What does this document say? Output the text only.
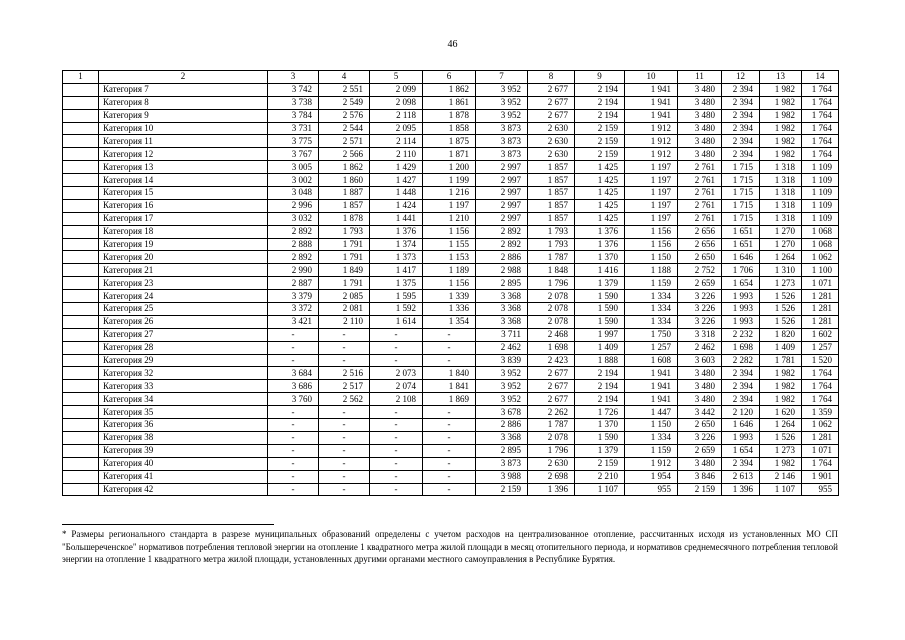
46
1	2	3	4	5	6	7	8	9	10	11	12	13	14
	Категория 7	3 742	2 551	2 099	1 862	3 952	2 677	2 194	1 941	3 480	2 394	1 982	1 764
	Категория 8	3 738	2 549	2 098	1 861	3 952	2 677	2 194	1 941	3 480	2 394	1 982	1 764
	Категория 9	3 784	2 576	2 118	1 878	3 952	2 677	2 194	1 941	3 480	2 394	1 982	1 764
	Категория 10	3 731	2 544	2 095	1 858	3 873	2 630	2 159	1 912	3 480	2 394	1 982	1 764
	Категория 11	3 775	2 571	2 114	1 875	3 873	2 630	2 159	1 912	3 480	2 394	1 982	1 764
	Категория 12	3 767	2 566	2 110	1 871	3 873	2 630	2 159	1 912	3 480	2 394	1 982	1 764
	Категория 13	3 005	1 862	1 429	1 200	2 997	1 857	1 425	1 197	2 761	1 715	1 318	1 109
	Категория 14	3 002	1 860	1 427	1 199	2 997	1 857	1 425	1 197	2 761	1 715	1 318	1 109
	Категория 15	3 048	1 887	1 448	1 216	2 997	1 857	1 425	1 197	2 761	1 715	1 318	1 109
	Категория 16	2 996	1 857	1 424	1 197	2 997	1 857	1 425	1 197	2 761	1 715	1 318	1 109
	Категория 17	3 032	1 878	1 441	1 210	2 997	1 857	1 425	1 197	2 761	1 715	1 318	1 109
	Категория 18	2 892	1 793	1 376	1 156	2 892	1 793	1 376	1 156	2 656	1 651	1 270	1 068
	Категория 19	2 888	1 791	1 374	1 155	2 892	1 793	1 376	1 156	2 656	1 651	1 270	1 068
	Категория 20	2 892	1 791	1 373	1 153	2 886	1 787	1 370	1 150	2 650	1 646	1 264	1 062
	Категория 21	2 990	1 849	1 417	1 189	2 988	1 848	1 416	1 188	2 752	1 706	1 310	1 100
	Категория 23	2 887	1 791	1 375	1 156	2 895	1 796	1 379	1 159	2 659	1 654	1 273	1 071
	Категория 24	3 379	2 085	1 595	1 339	3 368	2 078	1 590	1 334	3 226	1 993	1 526	1 281
	Категория 25	3 372	2 081	1 592	1 336	3 368	2 078	1 590	1 334	3 226	1 993	1 526	1 281
	Категория 26	3 421	2 110	1 614	1 354	3 368	2 078	1 590	1 334	3 226	1 993	1 526	1 281
	Категория 27	-	-	-	-	3 711	2 468	1 997	1 750	3 318	2 232	1 820	1 602
	Категория 28	-	-	-	-	2 462	1 698	1 409	1 257	2 462	1 698	1 409	1 257
	Категория 29	-	-	-	-	3 839	2 423	1 888	1 608	3 603	2 282	1 781	1 520
	Категория 32	3 684	2 516	2 073	1 840	3 952	2 677	2 194	1 941	3 480	2 394	1 982	1 764
	Категория 33	3 686	2 517	2 074	1 841	3 952	2 677	2 194	1 941	3 480	2 394	1 982	1 764
	Категория 34	3 760	2 562	2 108	1 869	3 952	2 677	2 194	1 941	3 480	2 394	1 982	1 764
	Категория 35	-	-	-	-	3 678	2 262	1 726	1 447	3 442	2 120	1 620	1 359
	Категория 36	-	-	-	-	2 886	1 787	1 370	1 150	2 650	1 646	1 264	1 062
	Категория 38	-	-	-	-	3 368	2 078	1 590	1 334	3 226	1 993	1 526	1 281
	Категория 39	-	-	-	-	2 895	1 796	1 379	1 159	2 659	1 654	1 273	1 071
	Категория 40	-	-	-	-	3 873	2 630	2 159	1 912	3 480	2 394	1 982	1 764
	Категория 41	-	-	-	-	3 988	2 698	2 210	1 954	3 846	2 613	2 146	1 901
	Категория 42	-	-	-	-	2 159	1 396	1 107	955	2 159	1 396	1 107	955
* Размеры регионального стандарта в разрезе муниципальных образований определены с учетом расходов на централизованное отопление, рассчитанных исходя из установленных МО СП "Большереченское" нормативов потребления тепловой энергии на отопление 1 квадратного метра жилой площади в месяц отопительного периода, и нормативов среднемесячного потребления тепловой энергии на отопление 1 квадратного метра жилой площади, установленных другими органами местного самоуправления в Республике Бурятия.
